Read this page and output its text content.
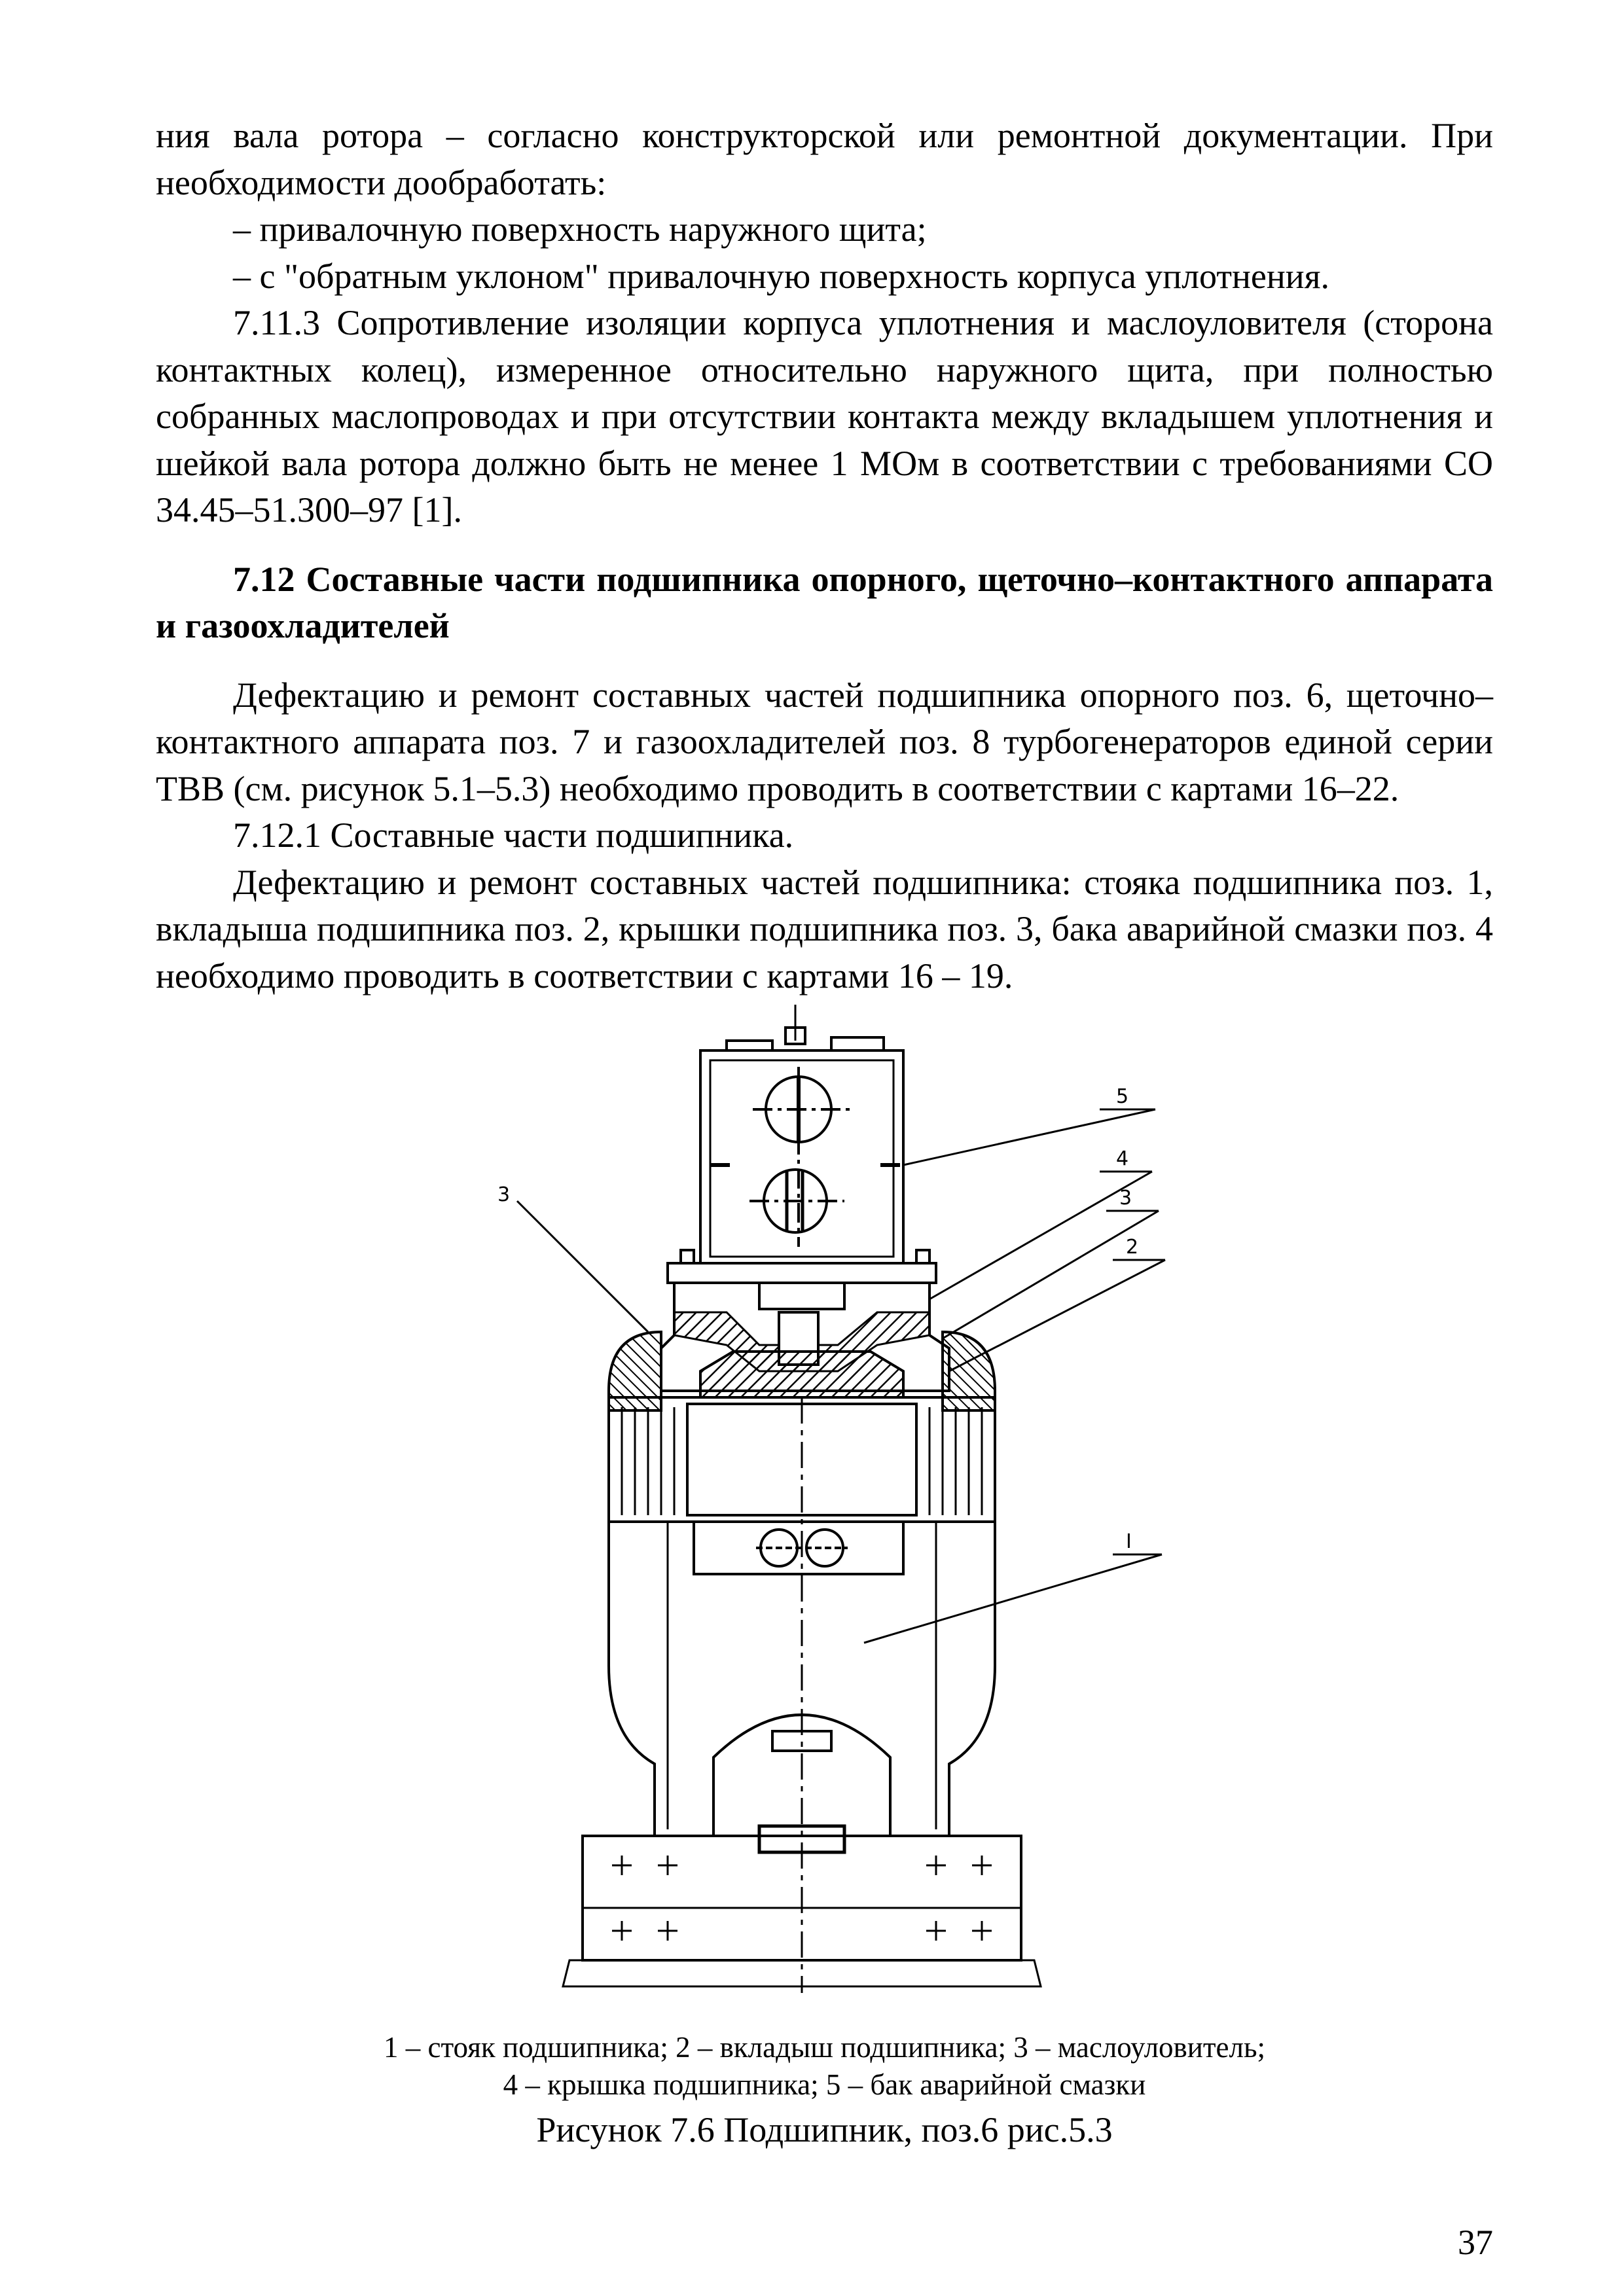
ния вала ротора – согласно конструкторской или ремонтной документации. При

необходимости дообработать:

– привалочную поверхность наружного щита;

– с "обратным уклоном" привалочную поверхность корпуса уплотнения.

7.11.3 Сопротивление изоляции корпуса уплотнения и маслоуловителя (сторона контактных колец), измеренное относительно наружного щита, при полностью собранных маслопроводах и при отсутствии контакта между вкладышем уплотнения и шейкой вала ротора должно быть не менее 1 МОм в соответствии с требованиями СО 34.45–51.300–97 [1].

7.12 Составные части подшипника опорного, щеточно–контактного аппарата и газоохладителей

Дефектацию и ремонт составных частей подшипника опорного поз. 6, щеточно–контактного аппарата поз. 7 и газоохладителей поз. 8 турбогенераторов единой серии ТВВ (см. рисунок 5.1–5.3) необходимо проводить в соответствии с картами 16–22.

7.12.1 Составные части подшипника.

Дефектацию и ремонт составных частей подшипника: стояка подшипника поз. 1, вкладыша подшипника поз. 2, крышки подшипника поз. 3, бака аварийной смазки поз. 4 необходимо проводить в соответствии с картами 16 – 19.

5
4
3
2
I
3
1 – стояк подшипника; 2 – вкладыш подшипника; 3 – маслоуловитель;
4 – крышка подшипника; 5 – бак аварийной смазки
Рисунок 7.6 Подшипник, поз.6 рис.5.3
37
